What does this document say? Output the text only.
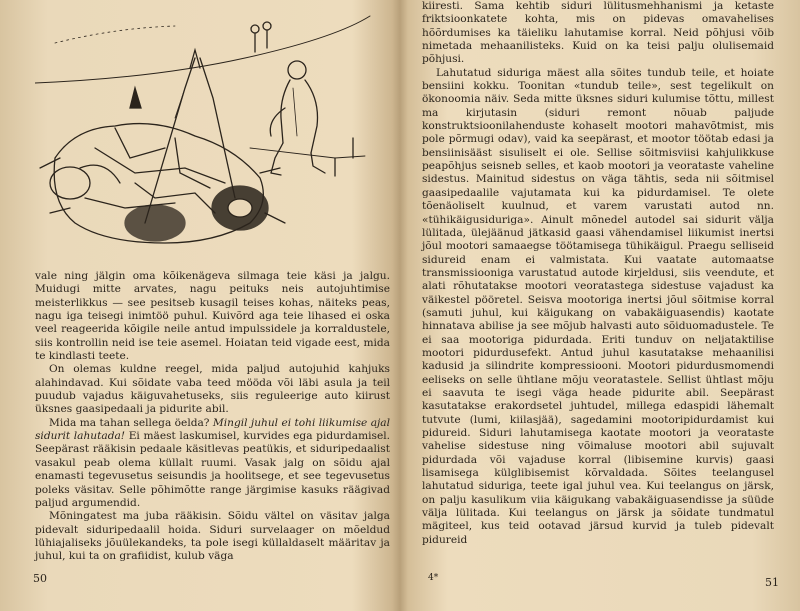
vale ning jälgin oma kõikenägeva silmaga teie käsi ja jalgu. Muidugi mitte arvates, nagu peituks neis autojuhtimise meisterlikkus — see pesitseb kusagil teises kohas, näiteks peas, nagu iga teisegi inimtöö puhul. Kuivõrd aga teie lihased ei oska veel reageerida kõigile neile antud impulssidele ja korraldustele, siis kontrollin neid ise teie asemel. Hoiatan teid vigade eest, mida te kindlasti teete.

On olemas kuldne reegel, mida paljud autojuhid kahjuks alahindavad. Kui sõidate vaba teed mööda või läbi asula ja teil puudub vajadus käiguvahetuseks, siis reguleerige auto kiirust üksnes gaasipedaali ja pidurite abil.

Mida ma tahan sellega öelda? Mingil juhul ei tohi liikumise ajal sidurit lahutada! Ei mäest laskumisel, kurvides ega pidurdamisel. Seepärast rääkisin pedaale käsitlevas peatükis, et siduripedaalist vasakul peab olema küllalt ruumi. Vasak jalg on sõidu ajal enamasti tegevusetus seisundis ja hoolitsege, et see tegevusetus poleks väsitav. Selle põhimõtte range järgimise kasuks räägivad paljud argumendid.

Mõningatest ma juba rääkisin. Sõidu vältel on väsitav jalga pidevalt siduripedaalil hoida. Siduri survelaager on mõeldud lühiajaliseks jõuülekandeks, ta pole isegi küllaldaselt määritav ja juhul, kui ta on grafiidist, kulub väga

50

kiiresti. Sama kehtib siduri lülitusmehhanismi ja ketaste friktsioonkatete kohta, mis on pidevas omavahelises hõõrdumises ka täieliku lahutamise korral. Neid põhjusi võib nimetada mehaanilisteks. Kuid on ka teisi palju olulisemaid põhjusi.

Lahutatud siduriga mäest alla sõites tundub teile, et hoiate bensiini kokku. Toonitan «tundub teile», sest tegelikult on ökonoomia näiv. Seda mitte üksnes siduri kulumise tõttu, millest ma kirjutasin (siduri remont nõuab paljude konstruktsioonilahenduste kohaselt mootori mahavõtmist, mis pole põrmugi odav), vaid ka seepärast, et mootor töötab edasi ja bensiinisääst sisuliselt ei ole. Sellise sõitmisviisi kahjulikkuse peapõhjus seisneb selles, et kaob mootori ja veoratastе vaheline sidestus. Mainitud sidestus on väga tähtis, seda nii sõitmisel gaasipedaalile vajutamata kui ka pidurdamisel. Te olete tõenäoliselt kuulnud, et varem varustati autod nn. «tühikäigusiduriga». Ainult mõnedel autodel sai sidurit välja lülitada, ülejäänud jätkasid gaasi vähendamisel liikumist inertsi jõul mootori samaaegse töötamisega tühikäigul. Praegu selliseid sidureid enam ei valmistata. Kui vaatate automaatse transmissiooniga varustatud autode kirjeldusi, siis veendute, et alati rõhutatakse mootori veoratastega sidestuse vajadust ka väikestel pööretel. Seisva mootoriga inertsi jõul sõitmise korral (samuti juhul, kui käigukang on vabakäiguasendis) kaotate hinnatava abilise ja see mõjub halvasti auto sõiduomadustele. Te ei saa mootoriga pidurdada. Eriti tunduv on neljataktilise mootori pidurdusefekt. Antud juhul kasutatakse mehaanilisi kadusid ja silindrite kompressiooni. Mootori pidurdusmomendi eeliseks on selle ühtlane mõju veoratastele. Sellist ühtlast mõju ei saavuta te isegi väga heade pidurite abil. Seepärast kasutatakse erakordsetel juhtudel, millega edaspidi lähemalt tutvute (lumi, kiilasjää), sagedamini mootoripidurdamist kui pidureid. Siduri lahutamisega kaotate mootori ja veoratastе vahelise sidestuse ning võimaluse mootori abil sujuvalt pidurdada või vajaduse korral (libisemine kurvis) gaasi lisamisega külglibisemist kõrvaldada. Sõites teelangusel lahutatud siduriga, teete igal juhul vea. Kui teelangus on järsk, on palju kasulikum viia käigukang vabakäiguasendisse ja süüde välja lülitada. Kui teelangus on järsk ja sõidate tundmatul mägiteel, kus teid ootavad järsud kurvid ja tuleb pidevalt pidureid

4*	51
